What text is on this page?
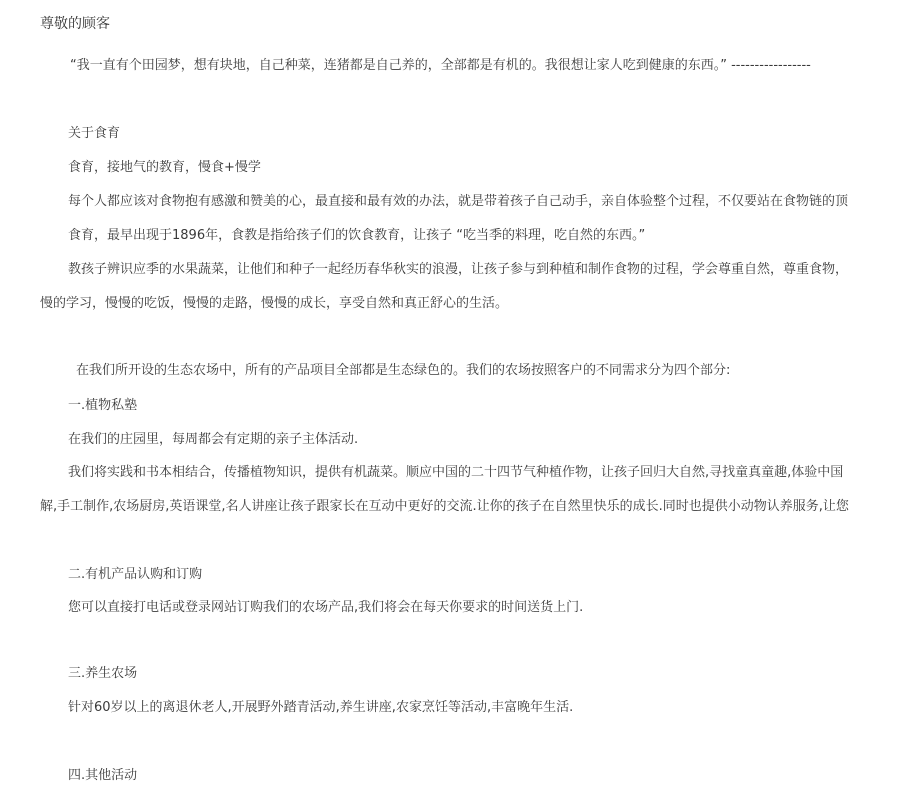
尊敬的顾客
“我一直有个田园梦，想有块地，自己种菜，连猪都是自己养的，全部都是有机的。我很想让家人吃到健康的东西。” -----------------
关于食育
食育，接地气的教育，慢食+慢学
每个人都应该对食物抱有感激和赞美的心，最直接和最有效的办法，就是带着孩子自己动手，亲自体验整个过程，不仅要站在食物链的顶
食育，最早出现于1896年，食教是指给孩子们的饮食教育，让孩子 “吃当季的料理，吃自然的东西。”
教孩子辨识应季的水果蔬菜，让他们和种子一起经历春华秋实的浪漫，让孩子参与到种植和制作食物的过程，学会尊重自然，尊重食物，
慢的学习，慢慢的吃饭，慢慢的走路，慢慢的成长，享受自然和真正舒心的生活。
在我们所开设的生态农场中，所有的产品项目全部都是生态绿色的。我们的农场按照客户的不同需求分为四个部分:
一.植物私塾
在我们的庄园里，每周都会有定期的亲子主体活动.
我们将实践和书本相结合，传播植物知识，提供有机蔬菜。顺应中国的二十四节气种植作物，让孩子回归大自然,寻找童真童趣,体验中国
解,手工制作,农场厨房,英语课堂,名人讲座让孩子跟家长在互动中更好的交流.让你的孩子在自然里快乐的成长.同时也提供小动物认养服务,让您
二.有机产品认购和订购
您可以直接打电话或登录网站订购我们的农场产品,我们将会在每天你要求的时间送货上门.
三.养生农场
针对60岁以上的离退休老人,开展野外踏青活动,养生讲座,农家烹饪等活动,丰富晚年生活.
四.其他活动
